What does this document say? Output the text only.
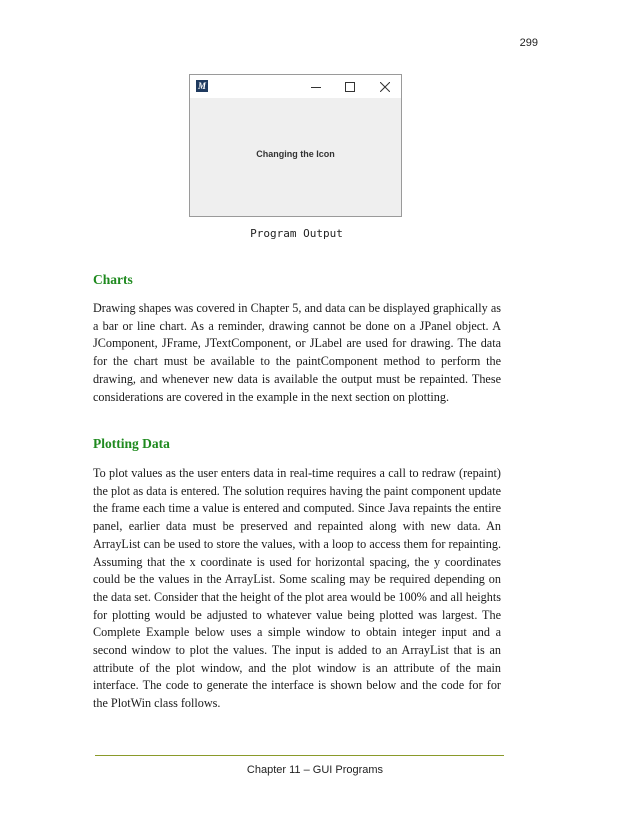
299
M
Changing the Icon
Program Output
Charts

Drawing shapes was covered in Chapter 5, and data can be displayed graphically as a bar or line chart. As a reminder, drawing cannot be done on a JPanel object. A JComponent, JFrame, JTextComponent, or JLabel are used for drawing. The data for the chart must be available to the paintComponent method to perform the drawing, and whenever new data is available the output must be repainted. These considerations are covered in the example in the next section on plotting.

Plotting Data

To plot values as the user enters data in real-time requires a call to redraw (repaint) the plot as data is entered. The solution requires having the paint component update the frame each time a value is entered and computed. Since Java repaints the entire panel, earlier data must be preserved and repainted along with new data. An ArrayList can be used to store the values, with a loop to access them for repainting. Assuming that the x coordinate is used for horizontal spacing, the y coordinates could be the values in the ArrayList. Some scaling may be required depending on the data set. Consider that the height of the plot area would be 100% and all heights for plotting would be adjusted to whatever value being plotted was largest. The Complete Example below uses a simple window to obtain integer input and a second window to plot the values. The input is added to an ArrayList that is an attribute of the plot window, and the plot window is an attribute of the main interface. The code to generate the interface is shown below and the code for for the PlotWin class follows.

Chapter 11 – GUI Programs
